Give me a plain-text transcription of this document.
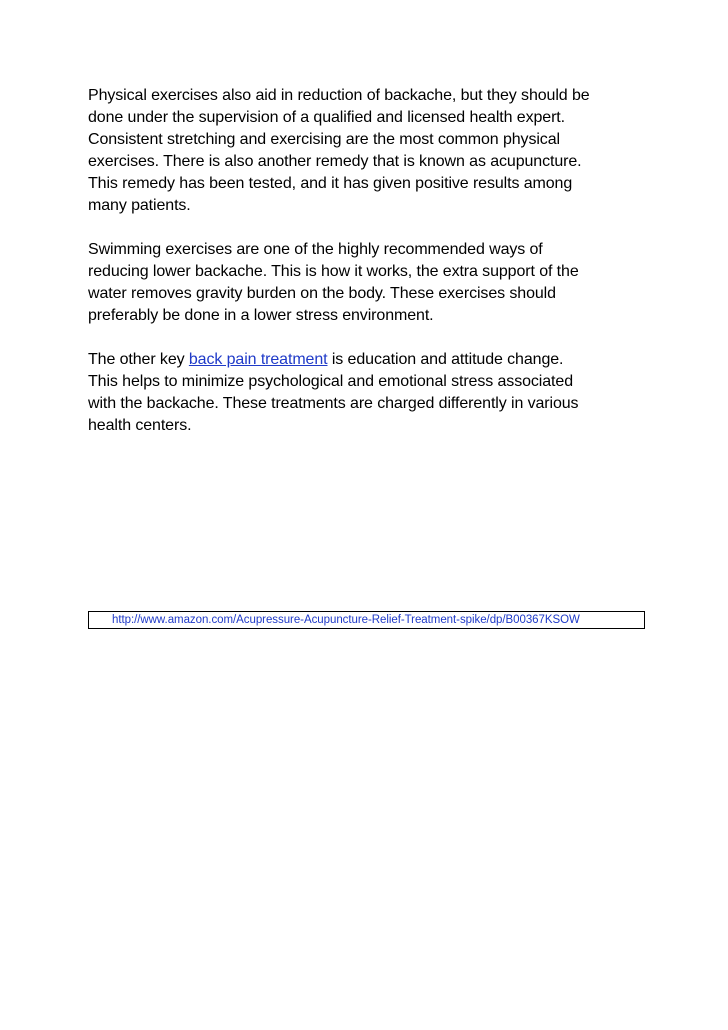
Physical exercises also aid in reduction of backache, but they should be
done under the supervision of a qualified and licensed health expert.
Consistent stretching and exercising are the most common physical
exercises. There is also another remedy that is known as acupuncture.
This remedy has been tested, and it has given positive results among
many patients.

Swimming exercises are one of the highly recommended ways of
reducing lower backache. This is how it works, the extra support of the
water removes gravity burden on the body. These exercises should
preferably be done in a lower stress environment.

The other key back pain treatment is education and attitude change.
This helps to minimize psychological and emotional stress associated
with the backache. These treatments are charged differently in various
health centers.

http://www.amazon.com/Acupressure-Acupuncture-Relief-Treatment-spike/dp/B00367KSOW
